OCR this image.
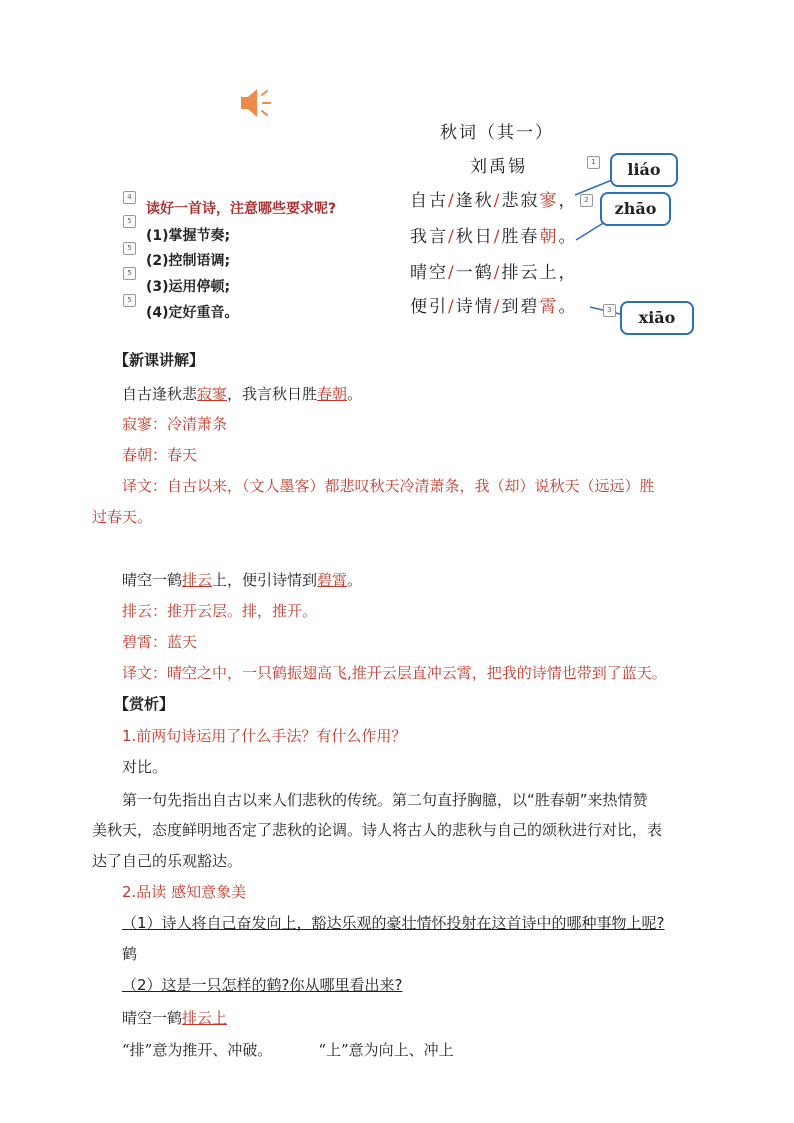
秋词（其一）
刘禹锡
自古/逢秋/悲寂寥，
我言/秋日/胜春朝。
晴空/一鹤/排云上，
便引/诗情/到碧霄。
1	liáo
2	zhāo
3	xiāo
4
读好一首诗，注意哪些要求呢?
5
(1)掌握节奏;
5
(2)控制语调;
5
(3)运用停顿;
5
(4)定好重音。
【新课讲解】
自古逢秋悲寂寥，我言秋日胜春朝。
寂寥：冷清萧条
春朝：春天
译文：自古以来，（文人墨客）都悲叹秋天冷清萧条，我（却）说秋天（远远）胜
过春天。
晴空一鹤排云上，便引诗情到碧霄。
排云：推开云层。排，推开。
碧霄：蓝天
译文：晴空之中，一只鹤振翅高飞,推开云层直冲云霄，把我的诗情也带到了蓝天。
【赏析】
1.前两句诗运用了什么手法？有什么作用？
对比。
第一句先指出自古以来人们悲秋的传统。第二句直抒胸臆，以“胜春朝”来热情赞
美秋天，态度鲜明地否定了悲秋的论调。诗人将古人的悲秋与自己的颂秋进行对比，表
达了自己的乐观豁达。
2.品读 感知意象美
（1）诗人将自己奋发向上，豁达乐观的豪壮情怀投射在这首诗中的哪种事物上呢?
鹤
（2）这是一只怎样的鹤?你从哪里看出来?
晴空一鹤排云上
“排”意为推开、冲破。	“上”意为向上、冲上
